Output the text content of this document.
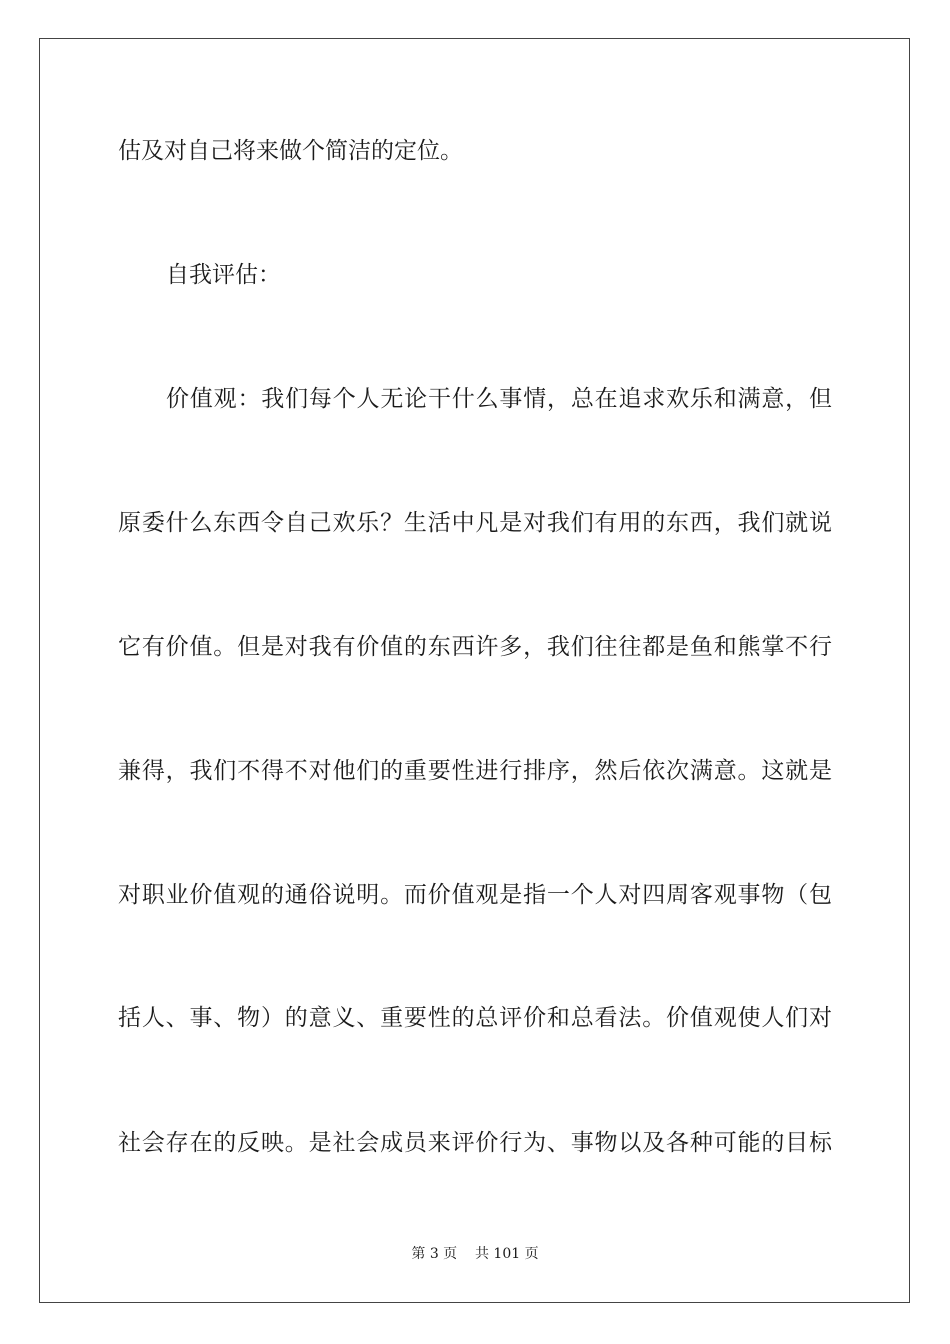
估及对自己将来做个简洁的定位。
自我评估：
价值观：我们每个人无论干什么事情，总在追求欢乐和满意，但
原委什么东西令自己欢乐？生活中凡是对我们有用的东西，我们就说
它有价值。但是对我有价值的东西许多，我们往往都是鱼和熊掌不行
兼得，我们不得不对他们的重要性进行排序，然后依次满意。这就是
对职业价值观的通俗说明。而价值观是指一个人对四周客观事物（包
括人、事、物）的意义、重要性的总评价和总看法。价值观使人们对
社会存在的反映。是社会成员来评价行为、事物以及各种可能的目标
第 3 页    共 101 页
